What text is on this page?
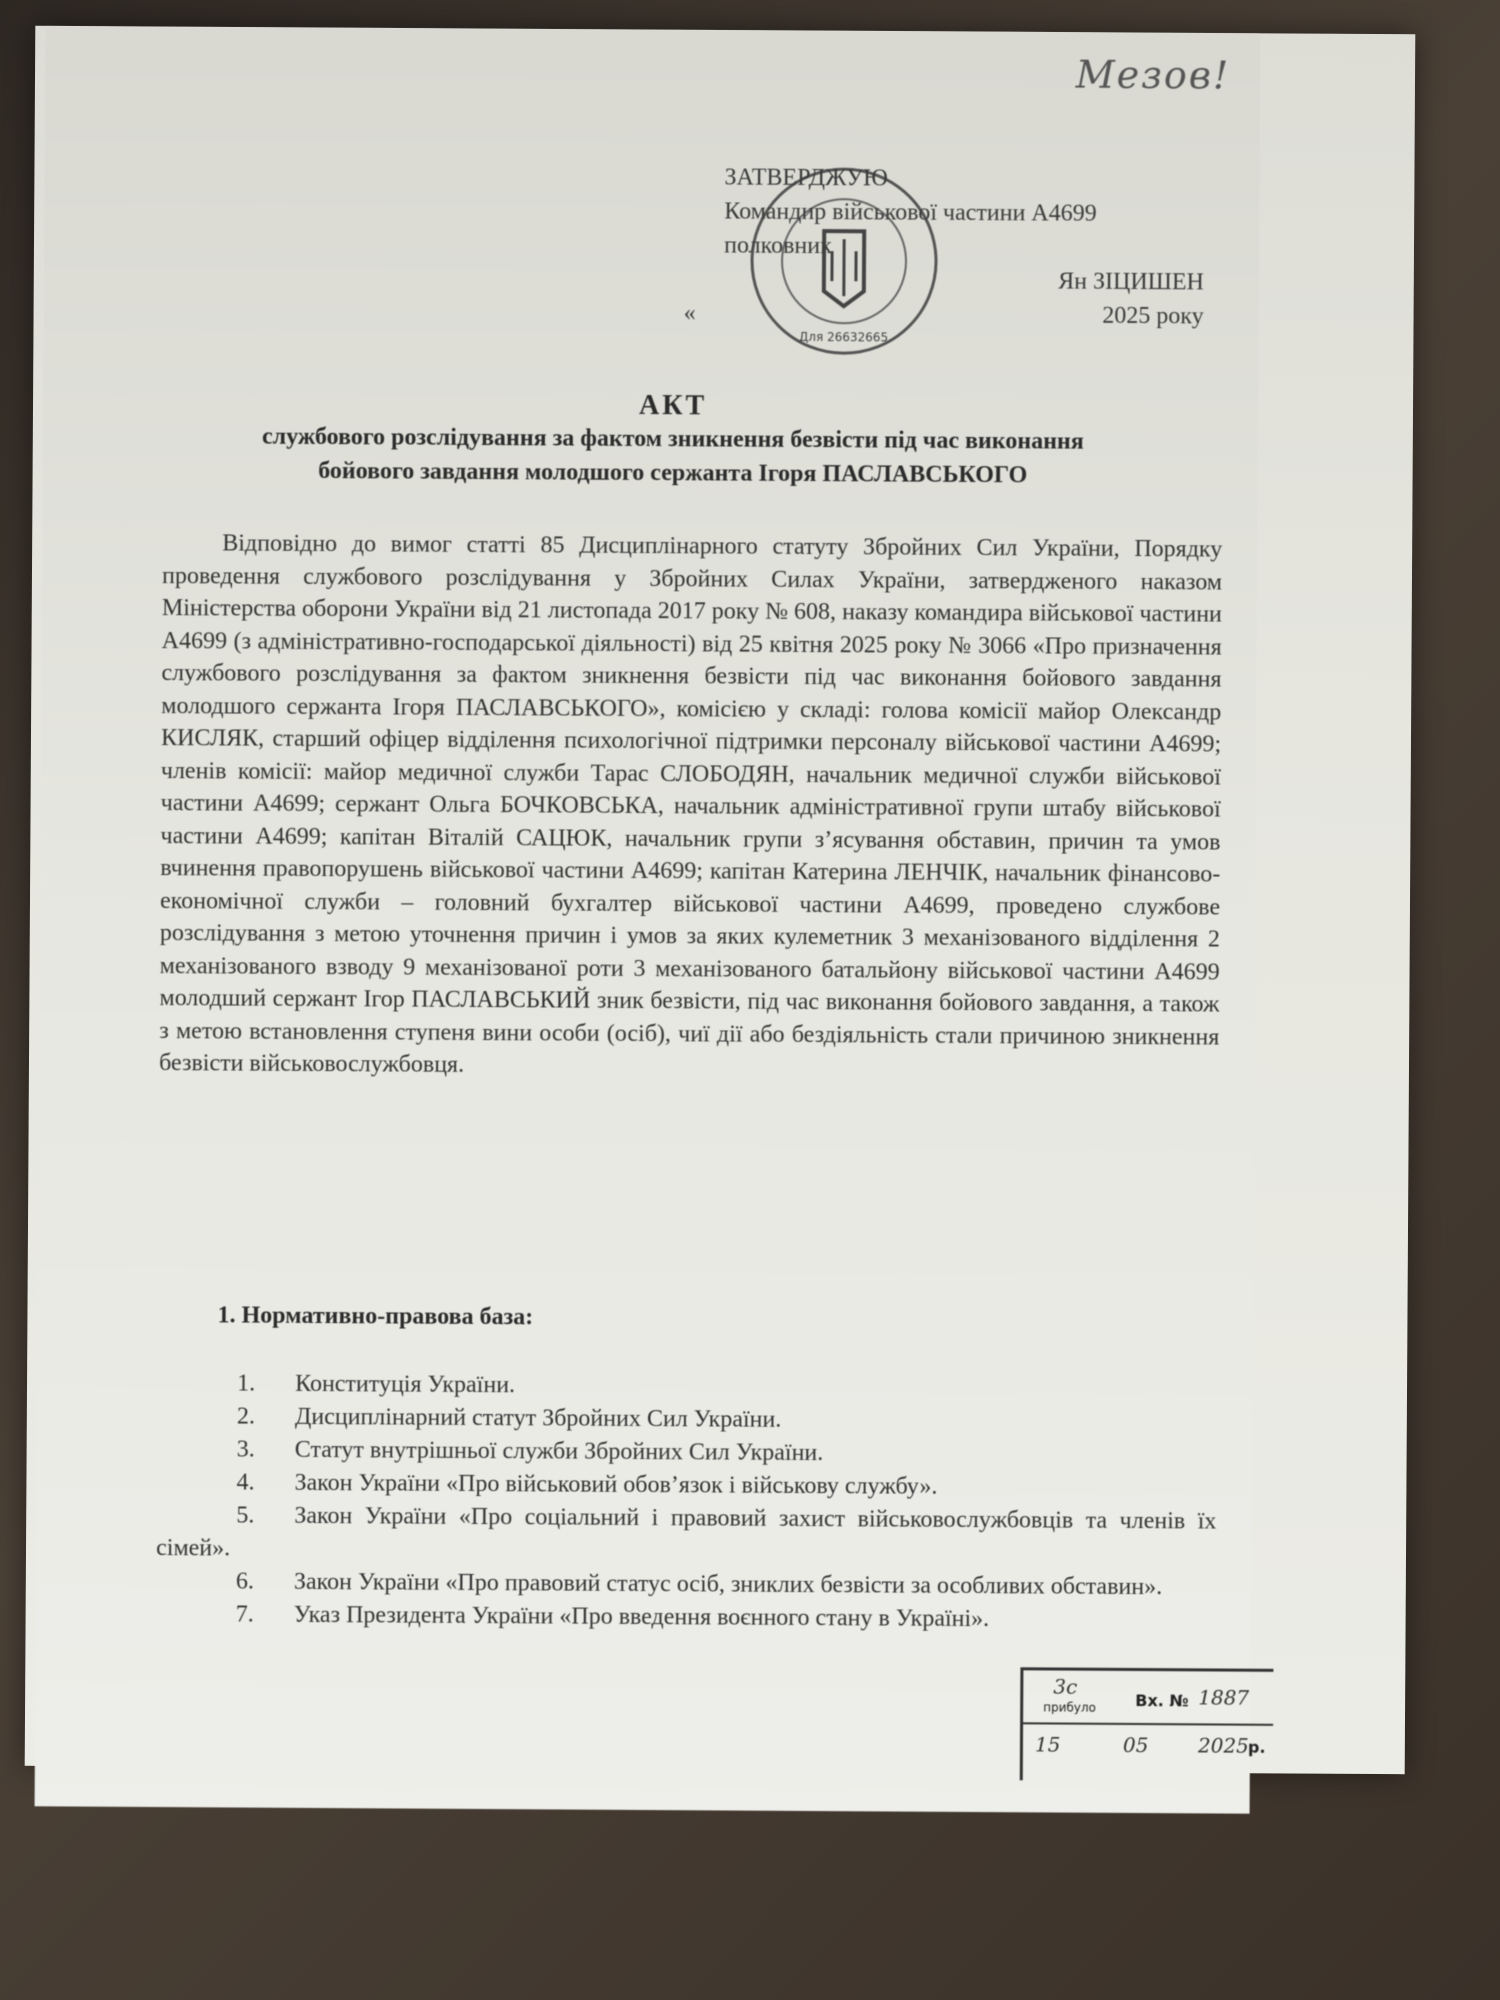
Мезов!
Для 26632665
ЗАТВЕРДЖУЮ
Командир військової частини А4699
полковник
Ян ЗІЦИШЕН
«	2025 року
АКТ
службового розслідування за фактом зникнення безвісти під час виконання
бойового завдання молодшого сержанта Ігоря ПАСЛАВСЬКОГО
Відповідно до вимог статті 85 Дисциплінарного статуту Збройних Сил України, Порядку проведення службового розслідування у Збройних Силах України, затвердженого наказом Міністерства оборони України від 21 листопада 2017 року № 608, наказу командира військової частини А4699 (з адміністративно-господарської діяльності) від 25 квітня 2025 року № 3066 «Про призначення службового розслідування за фактом зникнення безвісти під час виконання бойового завдання молодшого сержанта Ігоря ПАСЛАВСЬКОГО», комісією у складі: голова комісії майор Олександр КИСЛЯК, старший офіцер відділення психологічної підтримки персоналу військової частини А4699; членів комісії: майор медичної служби Тарас СЛОБОДЯН, начальник медичної служби військової частини А4699; сержант Ольга БОЧКОВСЬКА, начальник адміністративної групи штабу військової частини А4699; капітан Віталій САЦЮК, начальник групи з’ясування обставин, причин та умов вчинення правопорушень військової частини А4699; капітан Катерина ЛЕНЧІК, начальник фінансово-економічної служби – головний бухгалтер військової частини А4699, проведено службове розслідування з метою уточнення причин і умов за яких кулеметник 3 механізованого відділення 2 механізованого взводу 9 механізованої роти 3 механізованого батальйону військової частини А4699 молодший сержант Ігор ПАСЛАВСЬКИЙ зник безвісти, під час виконання бойового завдання, а також з метою встановлення ступеня вини особи (осіб), чиї дії або бездіяльність стали причиною зникнення безвісти військовослужбовця.
1. Нормативно-правова база:
1. Конституція України.
2. Дисциплінарний статут Збройних Сил України.
3. Статут внутрішньої служби Збройних Сил України.
4. Закон України «Про військовий обов’язок і військову службу».
5. Закон України «Про соціальний і правовий захист військовослужбовців та членів їх сімей».
6. Закон України «Про правовий статус осіб, зниклих безвісти за особливих обставин».
7. Указ Президента України «Про введення воєнного стану в Україні».
3с
прибуло Вх. № 1887
15	05 2025
р.
